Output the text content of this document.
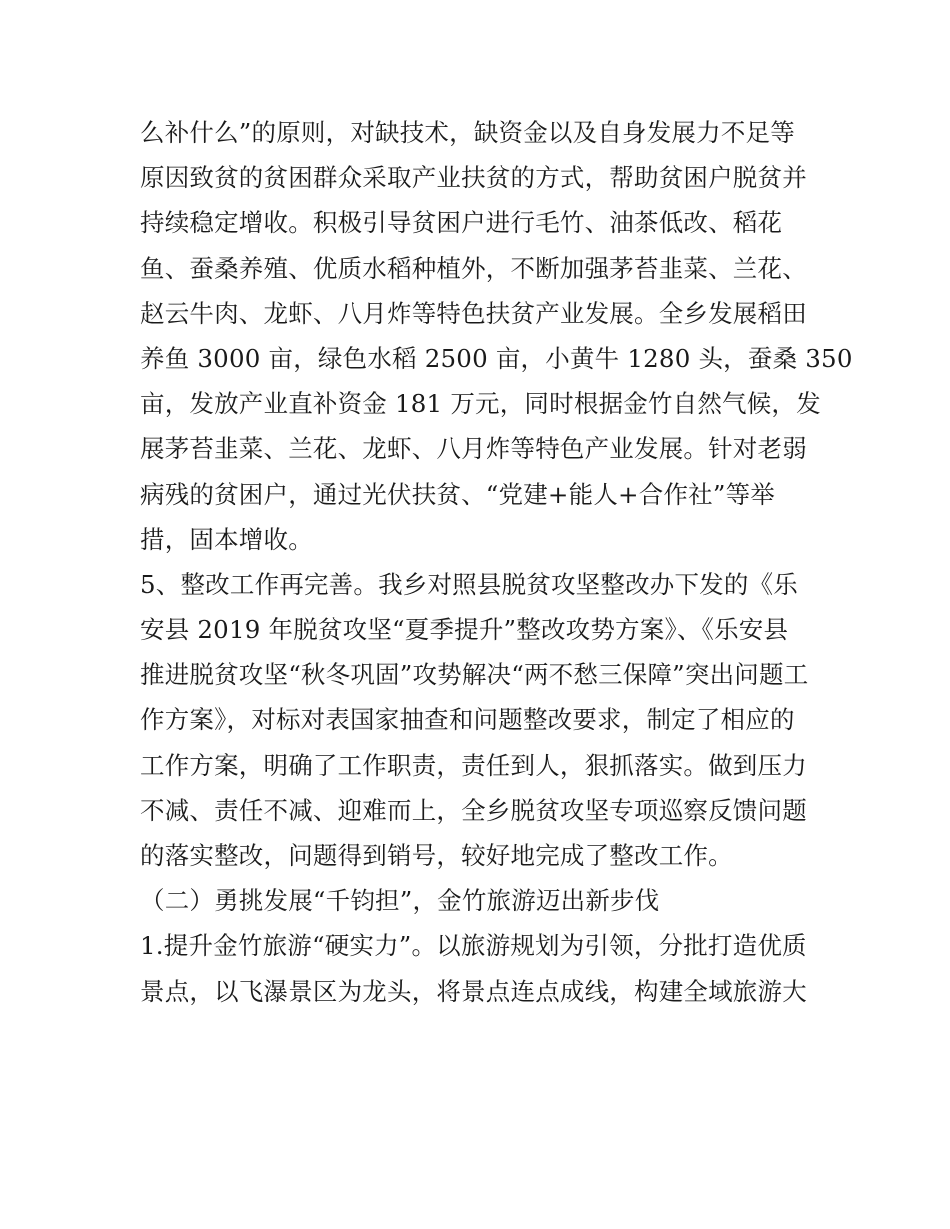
么补什么”的原则，对缺技术，缺资金以及自身发展力不足等
原因致贫的贫困群众采取产业扶贫的方式，帮助贫困户脱贫并
持续稳定增收。积极引导贫困户进行毛竹、油茶低改、稻花
鱼、蚕桑养殖、优质水稻种植外，不断加强茅苔韭菜、兰花、
赵云牛肉、龙虾、八月炸等特色扶贫产业发展。全乡发展稻田
养鱼 3000 亩，绿色水稻 2500 亩，小黄牛 1280 头，蚕桑 350
亩，发放产业直补资金 181 万元，同时根据金竹自然气候，发
展茅苔韭菜、兰花、龙虾、八月炸等特色产业发展。针对老弱
病残的贫困户，通过光伏扶贫、“党建+能人+合作社”等举
措，固本增收。
5、整改工作再完善。我乡对照县脱贫攻坚整改办下发的《乐
安县 2019 年脱贫攻坚“夏季提升”整改攻势方案》、《乐安县
推进脱贫攻坚“秋冬巩固”攻势解决“两不愁三保障”突出问题工
作方案》，对标对表国家抽查和问题整改要求，制定了相应的
工作方案，明确了工作职责，责任到人，狠抓落实。做到压力
不减、责任不减、迎难而上，全乡脱贫攻坚专项巡察反馈问题
的落实整改，问题得到销号，较好地完成了整改工作。
（二）勇挑发展“千钧担”，金竹旅游迈出新步伐
1.提升金竹旅游“硬实力”。以旅游规划为引领，分批打造优质
景点，以飞瀑景区为龙头，将景点连点成线，构建全域旅游大
